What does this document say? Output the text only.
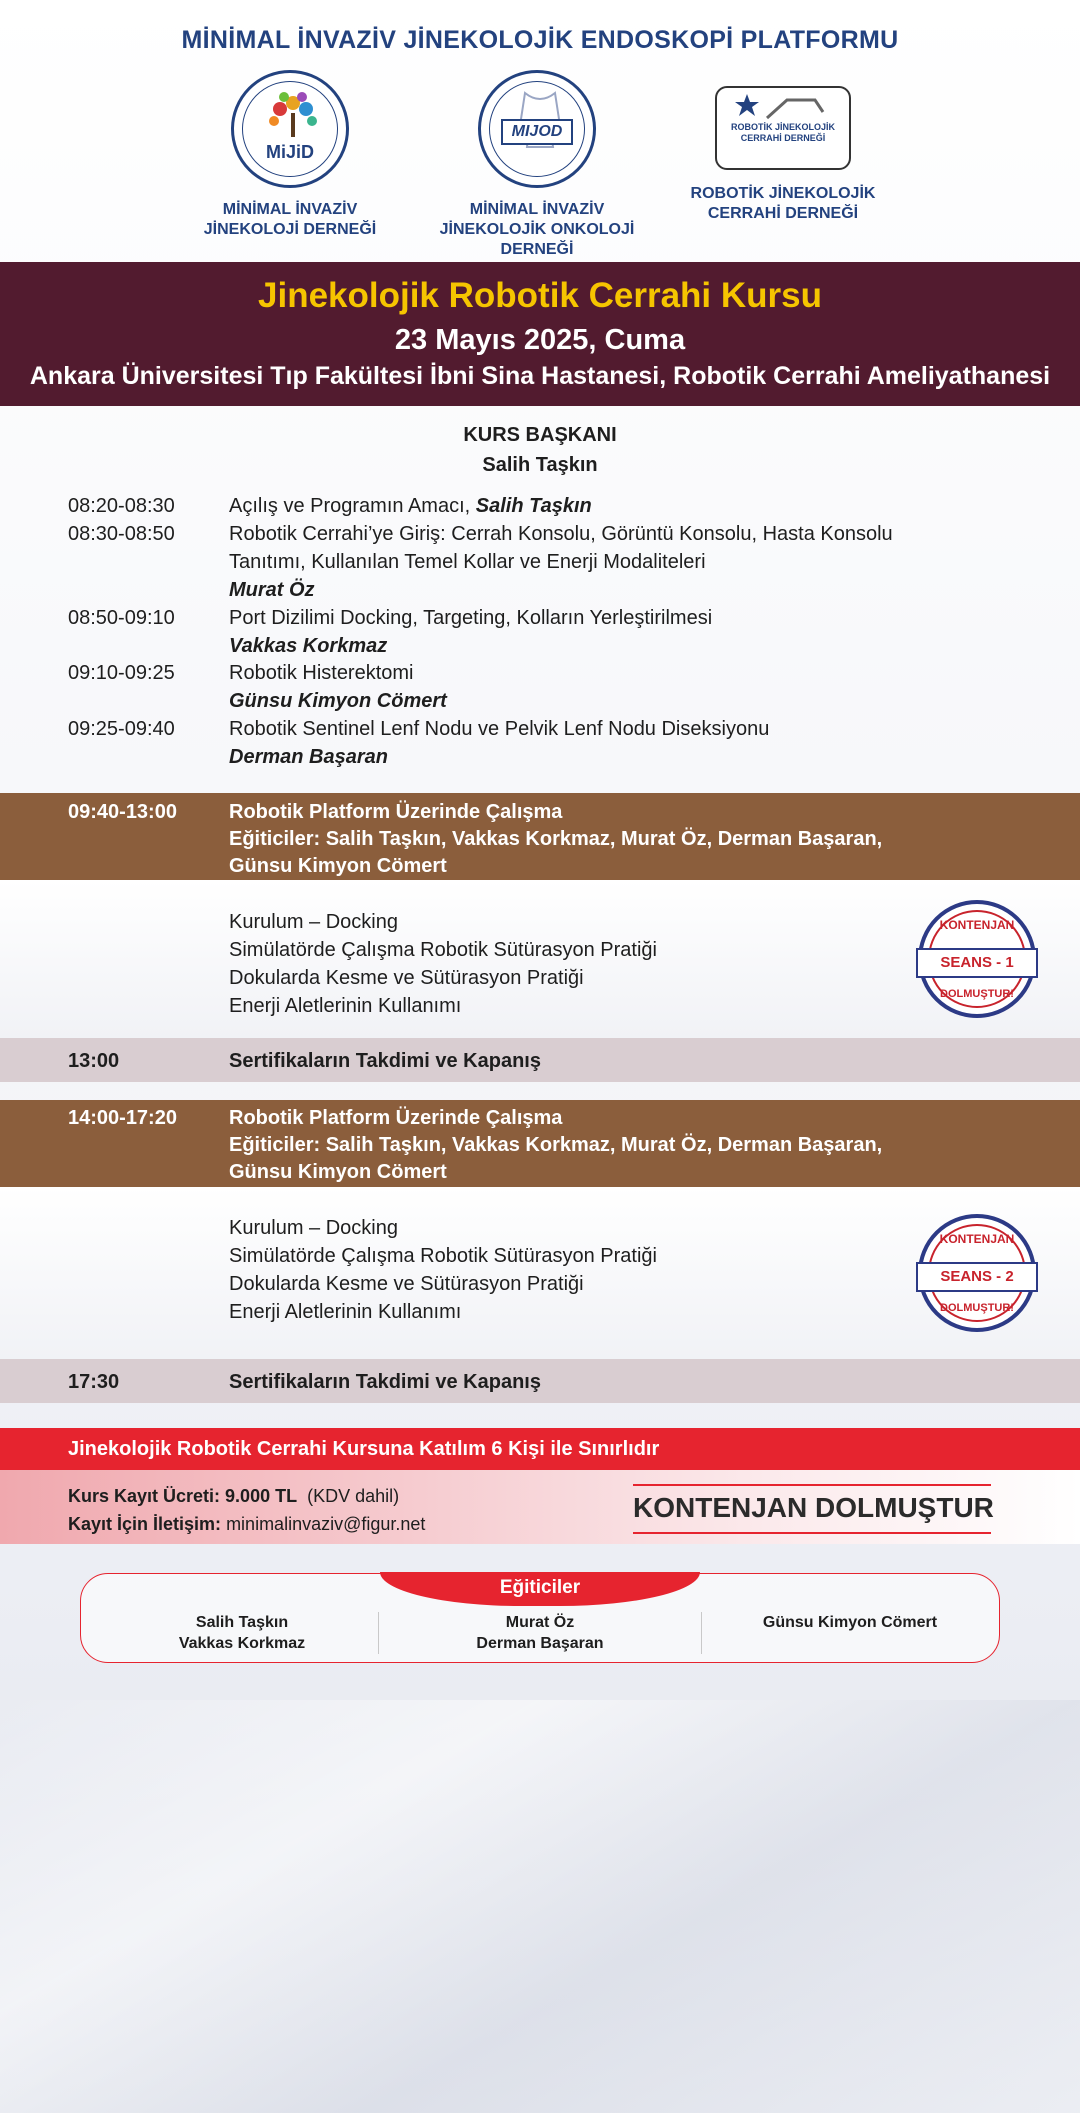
MİNİMAL İNVAZİV JİNEKOLOJİK ENDOSKOPİ PLATFORMU
MiJiD
MİNİMAL İNVAZİV
JİNEKOLOJİ DERNEĞİ
MIJOD
MİNİMAL İNVAZİV
JİNEKOLOJİK ONKOLOJİ DERNEĞİ
ROBOTİK JİNEKOLOJİK CERRAHİ DERNEĞİ
ROBOTİK JİNEKOLOJİK
CERRAHİ DERNEĞİ
Jinekolojik Robotik Cerrahi Kursu
23 Mayıs 2025, Cuma
Ankara Üniversitesi Tıp Fakültesi İbni Sina Hastanesi, Robotik Cerrahi Ameliyathanesi
KURS BAŞKANI
Salih Taşkın
08:20-08:30	Açılış ve Programın Amacı, Salih Taşkın
08:30-08:50	Robotik Cerrahi’ye Giriş: Cerrah Konsolu, Görüntü Konsolu, Hasta Konsolu
Tanıtımı, Kullanılan Temel Kollar ve Enerji Modaliteleri
Murat Öz
08:50-09:10	Port Dizilimi Docking, Targeting, Kolların Yerleştirilmesi
Vakkas Korkmaz
09:10-09:25	Robotik Histerektomi
Günsu Kimyon Cömert
09:25-09:40	Robotik Sentinel Lenf Nodu ve Pelvik Lenf Nodu Diseksiyonu
Derman Başaran
09:40-13:00	Robotik Platform Üzerinde Çalışma
Eğiticiler: Salih Taşkın, Vakkas Korkmaz, Murat Öz, Derman Başaran,
Günsu Kimyon Cömert
Kurulum – Docking
Simülatörde Çalışma Robotik Sütürasyon Pratiği
Dokularda Kesme ve Sütürasyon Pratiği
Enerji Aletlerinin Kullanımı
KONTENJAN
SEANS - 1
DOLMUŞTUR!
13:00	Sertifikaların Takdimi ve Kapanış
14:00-17:20	Robotik Platform Üzerinde Çalışma
Eğiticiler: Salih Taşkın, Vakkas Korkmaz, Murat Öz, Derman Başaran,
Günsu Kimyon Cömert
Kurulum – Docking
Simülatörde Çalışma Robotik Sütürasyon Pratiği
Dokularda Kesme ve Sütürasyon Pratiği
Enerji Aletlerinin Kullanımı
KONTENJAN
SEANS - 2
DOLMUŞTUR!
17:30	Sertifikaların Takdimi ve Kapanış
Jinekolojik Robotik Cerrahi Kursuna Katılım 6 Kişi ile Sınırlıdır
Kurs Kayıt Ücreti: 9.000 TL (KDV dahil)
Kayıt İçin İletişim: minimalinvaziv@figur.net
KONTENJAN DOLMUŞTUR
Eğiticiler
Salih Taşkın
Vakkas Korkmaz
Murat Öz
Derman Başaran
Günsu Kimyon Cömert
